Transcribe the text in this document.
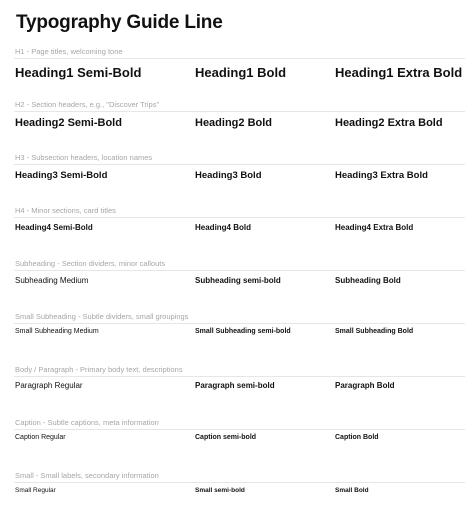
Typography Guide Line
H1 - Page titles, welcoming tone
Heading1 Semi-Bold	Heading1 Bold	Heading1 Extra Bold
H2 - Section headers, e.g., "Discover Trips"
Heading2 Semi-Bold	Heading2 Bold	Heading2 Extra Bold
H3 - Subsection headers, location names
Heading3 Semi-Bold	Heading3 Bold	Heading3 Extra Bold
H4 - Minor sections, card titles
Heading4 Semi-Bold	Heading4 Bold	Heading4 Extra Bold
Subheading - Section dividers, minor callouts
Subheading Medium	Subheading semi-bold	Subheading Bold
Small Subheading - Subtle dividers, small groupings
Small Subheading Medium	Small Subheading semi-bold	Small Subheading Bold
Body / Paragraph - Primary body text, descriptions
Paragraph Regular	Paragraph semi-bold	Paragraph Bold
Caption - Subtle captions, meta information
Caption Regular	Caption semi-bold	Caption Bold
Small - Small labels, secondary information
Small Regular	Small semi-bold	Small Bold
